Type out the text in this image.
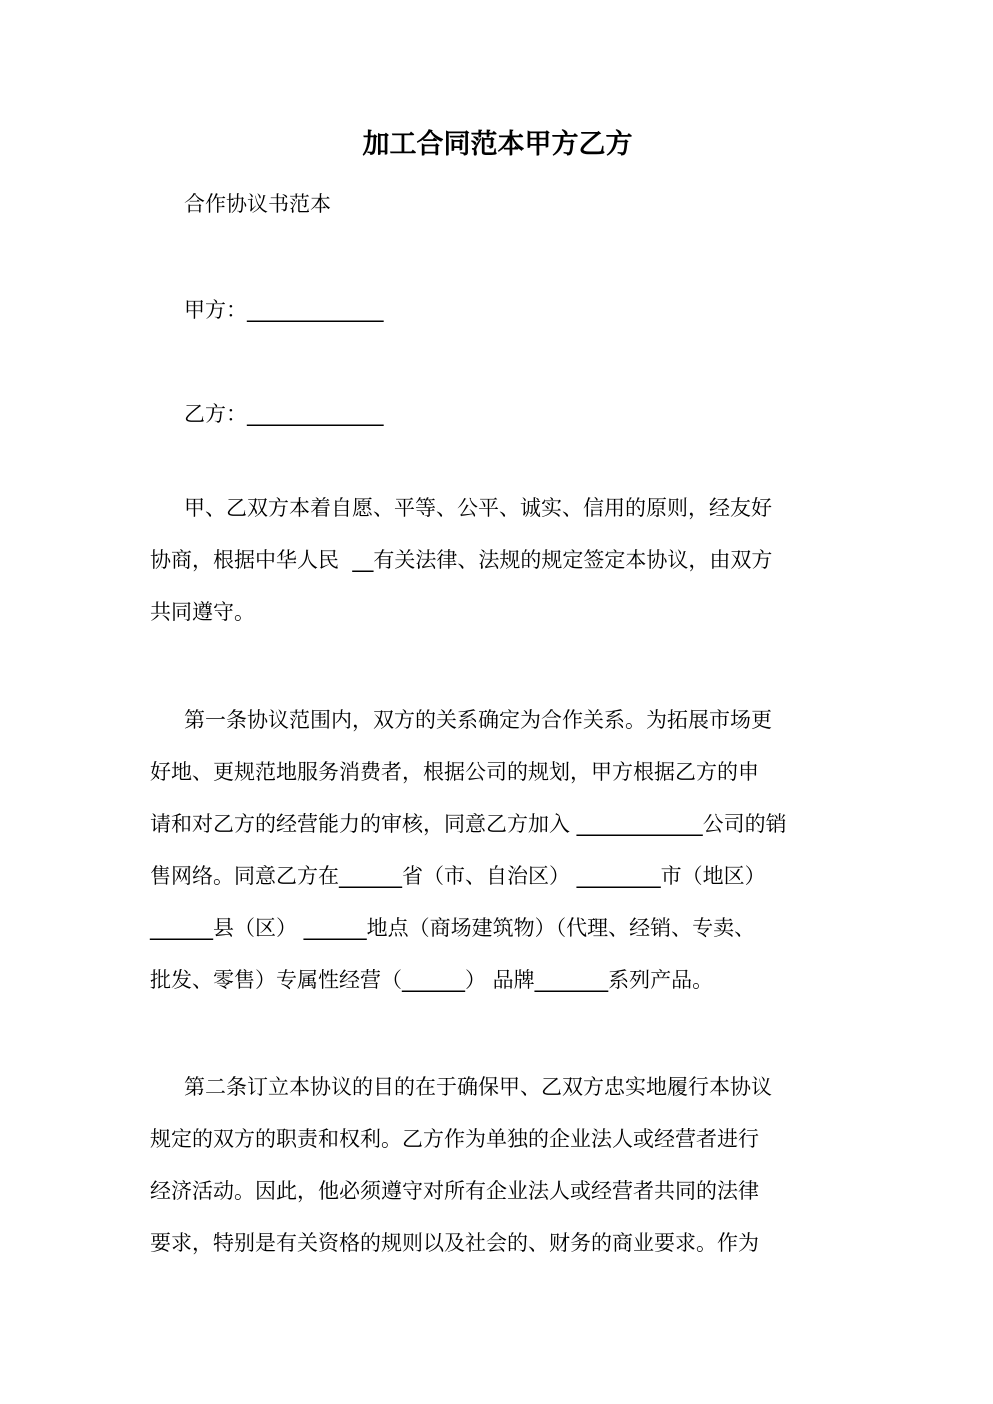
加工合同范本甲方乙方
合作协议书范本
甲方：_____________
乙方：_____________
甲、乙双方本着自愿、平等、公平、诚实、信用的原则，经友好
协商，根据中华人民  __有关法律、法规的规定签定本协议，由双方
共同遵守。
第一条协议范围内，双方的关系确定为合作关系。为拓展市场更
好地、更规范地服务消费者，根据公司的规划，甲方根据乙方的申
请和对乙方的经营能力的审核，同意乙方加入 ____________公司的销
售网络。同意乙方在______省（市、自治区） ________市（地区）
______县（区） ______地点（商场建筑物）（代理、经销、专卖、
批发、零售）专属性经营（______） 品牌_______系列产品。
第二条订立本协议的目的在于确保甲、乙双方忠实地履行本协议
规定的双方的职责和权利。乙方作为单独的企业法人或经营者进行
经济活动。因此，他必须遵守对所有企业法人或经营者共同的法律
要求，特别是有关资格的规则以及社会的、财务的商业要求。作为
